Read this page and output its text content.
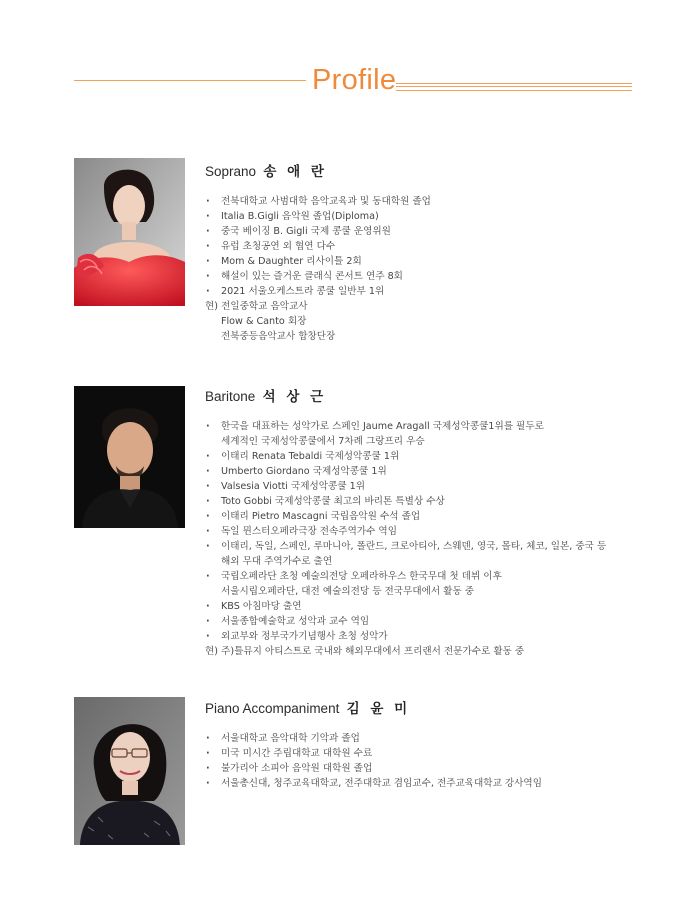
Profile
Soprano 송 애 란
· 전북대학교 사범대학 음악교육과 및 동대학원 졸업
· Italia B.Gigli 음악원 졸업(Diploma)
· 중국 베이징 B. Gigli 국제 콩쿨 운영위원
· 유럽 초청공연 외 협연 다수
· Mom & Daughter 리사이틀 2회
· 해설이 있는 즐거운 클래식 콘서트 연주 8회
· 2021 서울오케스트라 콩쿨 일반부 1위
현) 전일중학교 음악교사
Flow & Canto 회장
전북중등음악교사 합창단장
Baritone 석 상 근
· 한국을 대표하는 성악가로 스페인 Jaume Aragall 국제성악콩쿨1위를 필두로
세계적인 국제성악콩쿨에서 7차례 그랑프리 우승
· 이태리 Renata Tebaldi 국제성악콩쿨 1위
· Umberto Giordano 국제성악콩쿨 1위
· Valsesia Viotti 국제성악콩쿨 1위
· Toto Gobbi 국제성악콩쿨 최고의 바리톤 특별상 수상
· 이태리 Pietro Mascagni 국립음악원 수석 졸업
· 독일 뮌스터오페라극장 전속주역가수 역임
· 이태리, 독일, 스페인, 루마니아, 폴란드, 크로아티아, 스웨덴, 영국, 몰타, 체코, 일본, 중국 등
해외 무대 주역가수로 출연
· 국립오페라단 초청 예술의전당 오페라하우스 한국무대 첫 데뷔 이후
서울시립오페라단, 대전 예술의전당 등 전국무대에서 활동 중
· KBS 아침마당 출연
· 서울종합예술학교 성악과 교수 역임
· 외교부와 정부국가기념행사 초청 성악가
현) 주)틀뮤지 아티스트로 국내와 해외무대에서 프리랜서 전문가수로 활동 중
Piano Accompaniment 김 윤 미
· 서울대학교 음악대학 기악과 졸업
· 미국 미시간 주립대학교 대학원 수료
· 불가리아 소피아 음악원 대학원 졸업
· 서울총신대, 청주교육대학교, 전주대학교 겸임교수, 전주교육대학교 강사역임
